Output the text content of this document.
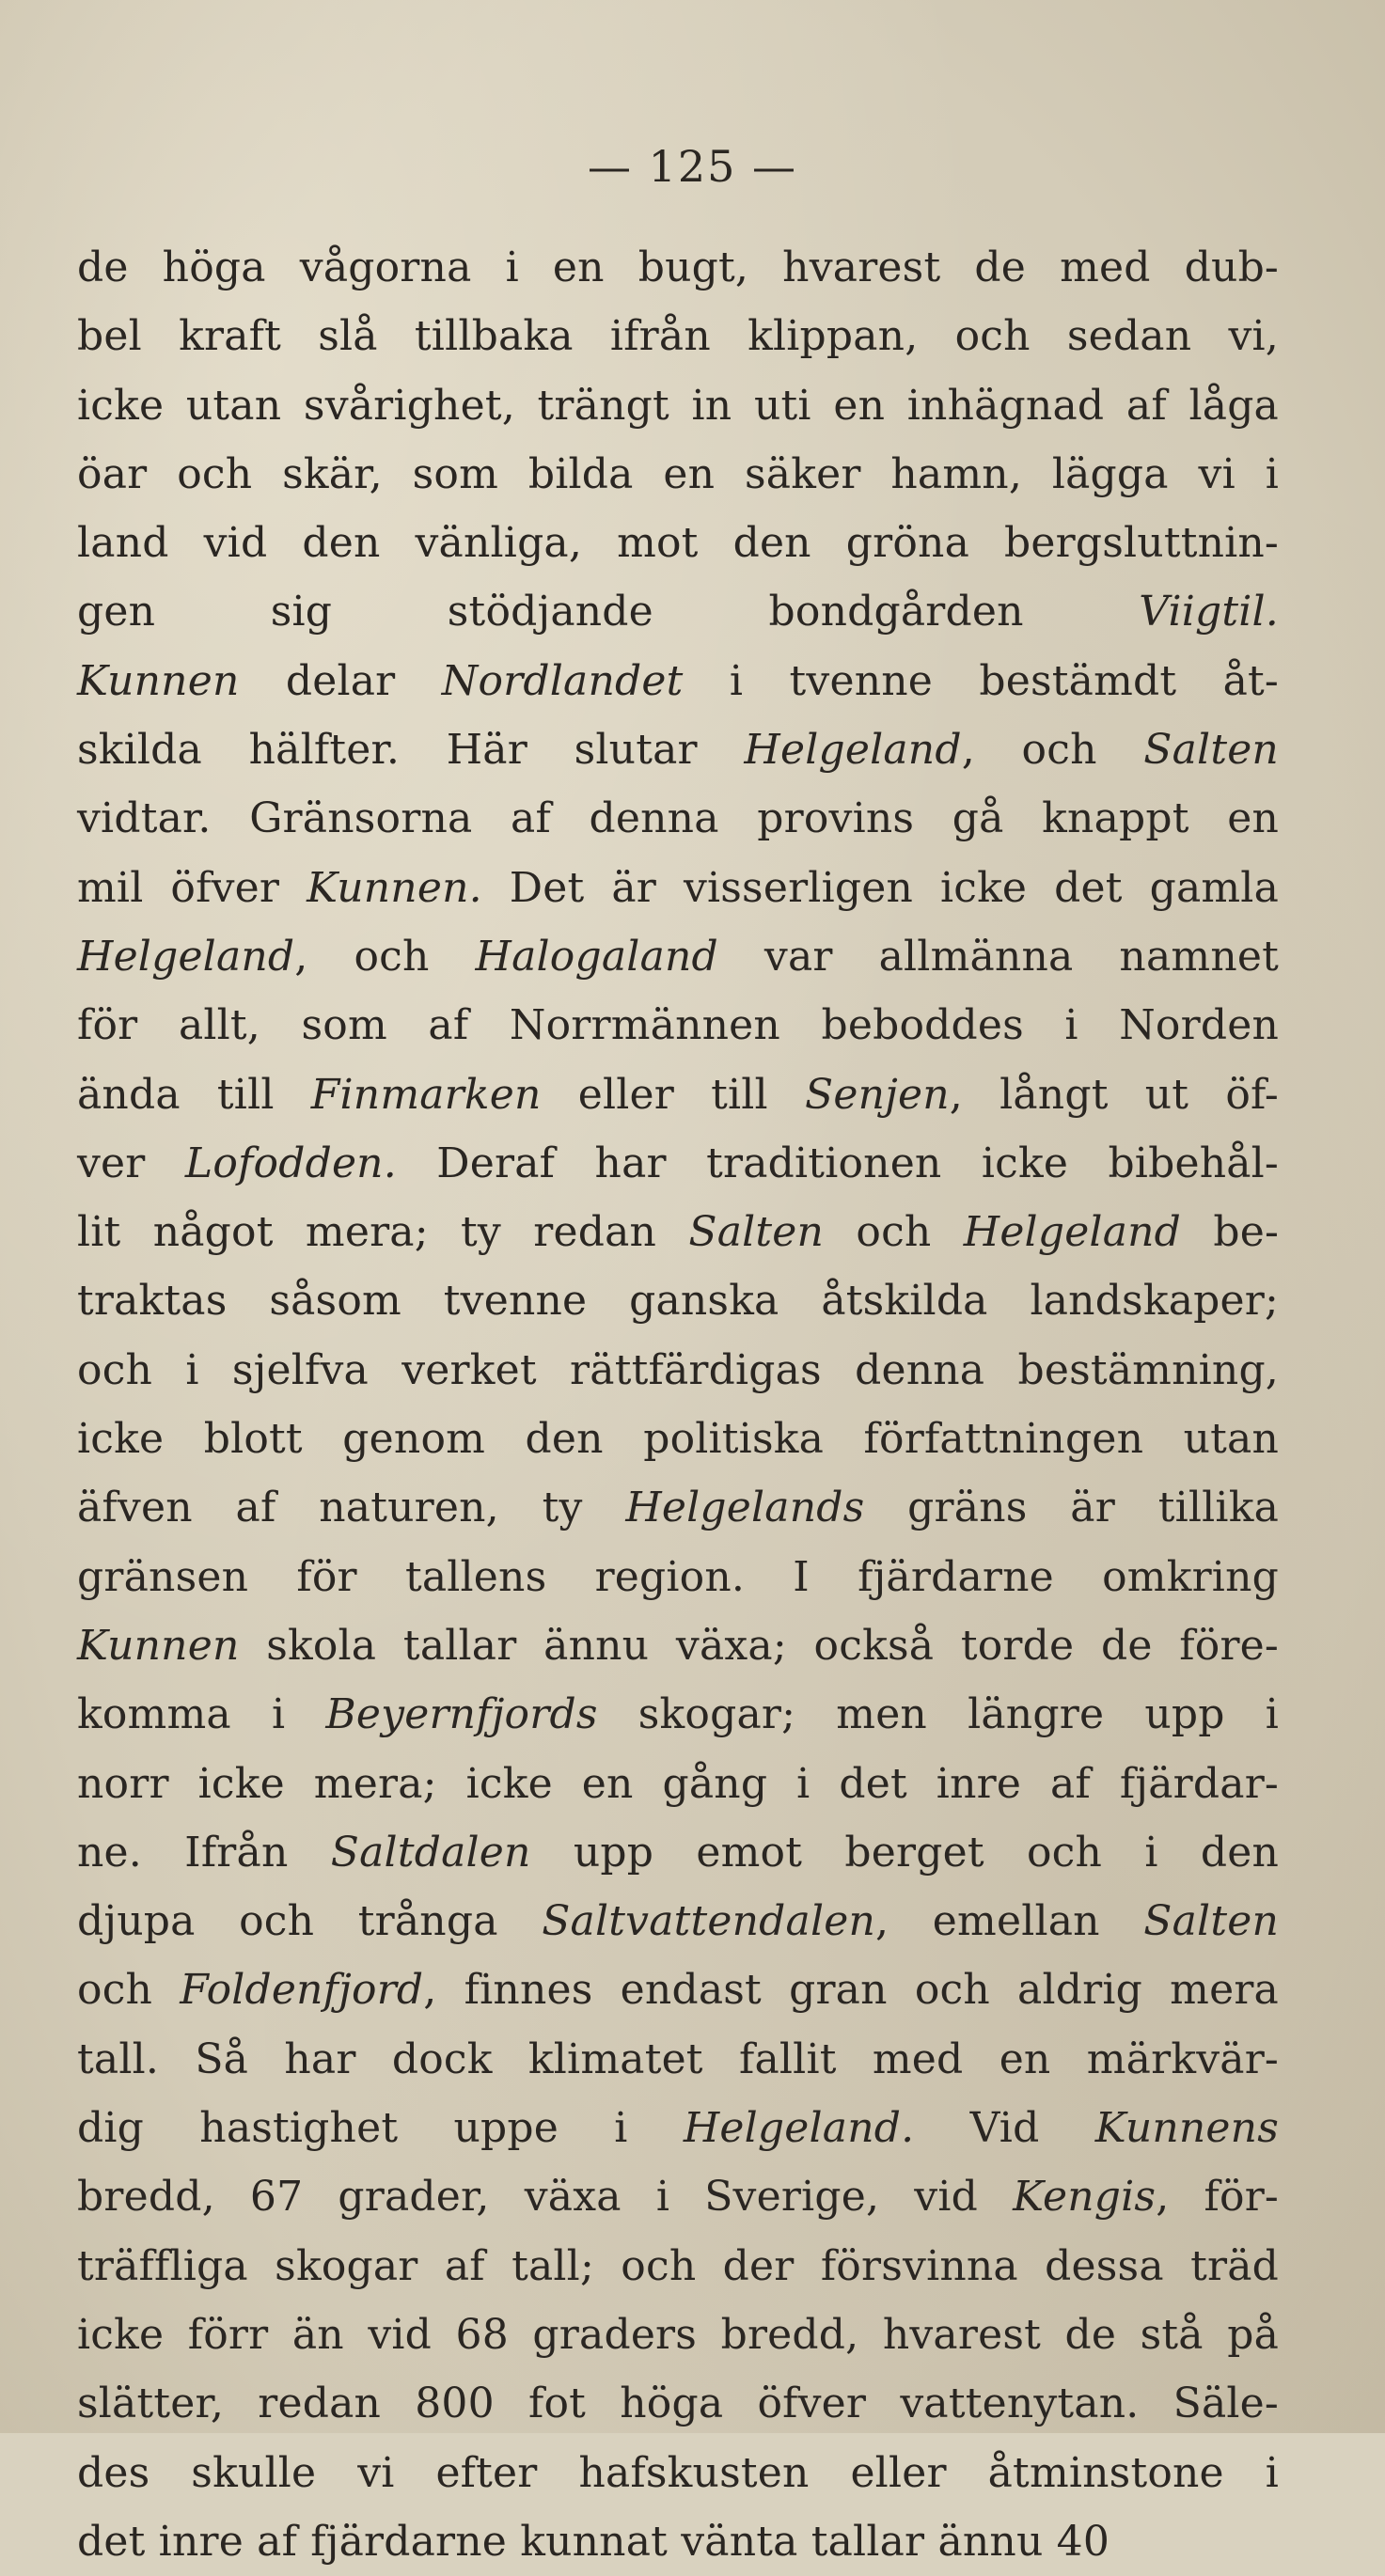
— 125 —
de höga vågorna i en bugt, hvarest de med dub-
bel kraft slå tillbaka ifrån klippan, och sedan vi,
icke utan svårighet, trängt in uti en inhägnad af låga
öar och skär, som bilda en säker hamn, lägga vi i
land vid den vänliga, mot den gröna bergsluttnin-
gen sig stödjande bondgården Viigtil.
Kunnen delar Nordlandet i tvenne bestämdt åt-
skilda hälfter. Här slutar Helgeland, och Salten
vidtar. Gränsorna af denna provins gå knappt en
mil öfver Kunnen. Det är visserligen icke det gamla
Helgeland, och Halogaland var allmänna namnet
för allt, som af Norrmännen beboddes i Norden
ända till Finmarken eller till Senjen, långt ut öf-
ver Lofodden. Deraf har traditionen icke bibehål-
lit något mera; ty redan Salten och Helgeland be-
traktas såsom tvenne ganska åtskilda landskaper;
och i sjelfva verket rättfärdigas denna bestämning,
icke blott genom den politiska författningen utan
äfven af naturen, ty Helgelands gräns är tillika
gränsen för tallens region. I fjärdarne omkring
Kunnen skola tallar ännu växa; också torde de före-
komma i Beyernfjords skogar; men längre upp i
norr icke mera; icke en gång i det inre af fjärdar-
ne. Ifrån Saltdalen upp emot berget och i den
djupa och trånga Saltvattendalen, emellan Salten
och Foldenfjord, finnes endast gran och aldrig mera
tall. Så har dock klimatet fallit med en märkvär-
dig hastighet uppe i Helgeland. Vid Kunnens
bredd, 67 grader, växa i Sverige, vid Kengis, för-
träffliga skogar af tall; och der försvinna dessa träd
icke förr än vid 68 graders bredd, hvarest de stå på
slätter, redan 800 fot höga öfver vattenytan. Säle-
des skulle vi efter hafskusten eller åtminstone i
det inre af fjärdarne kunnat vänta tallar ännu 40
